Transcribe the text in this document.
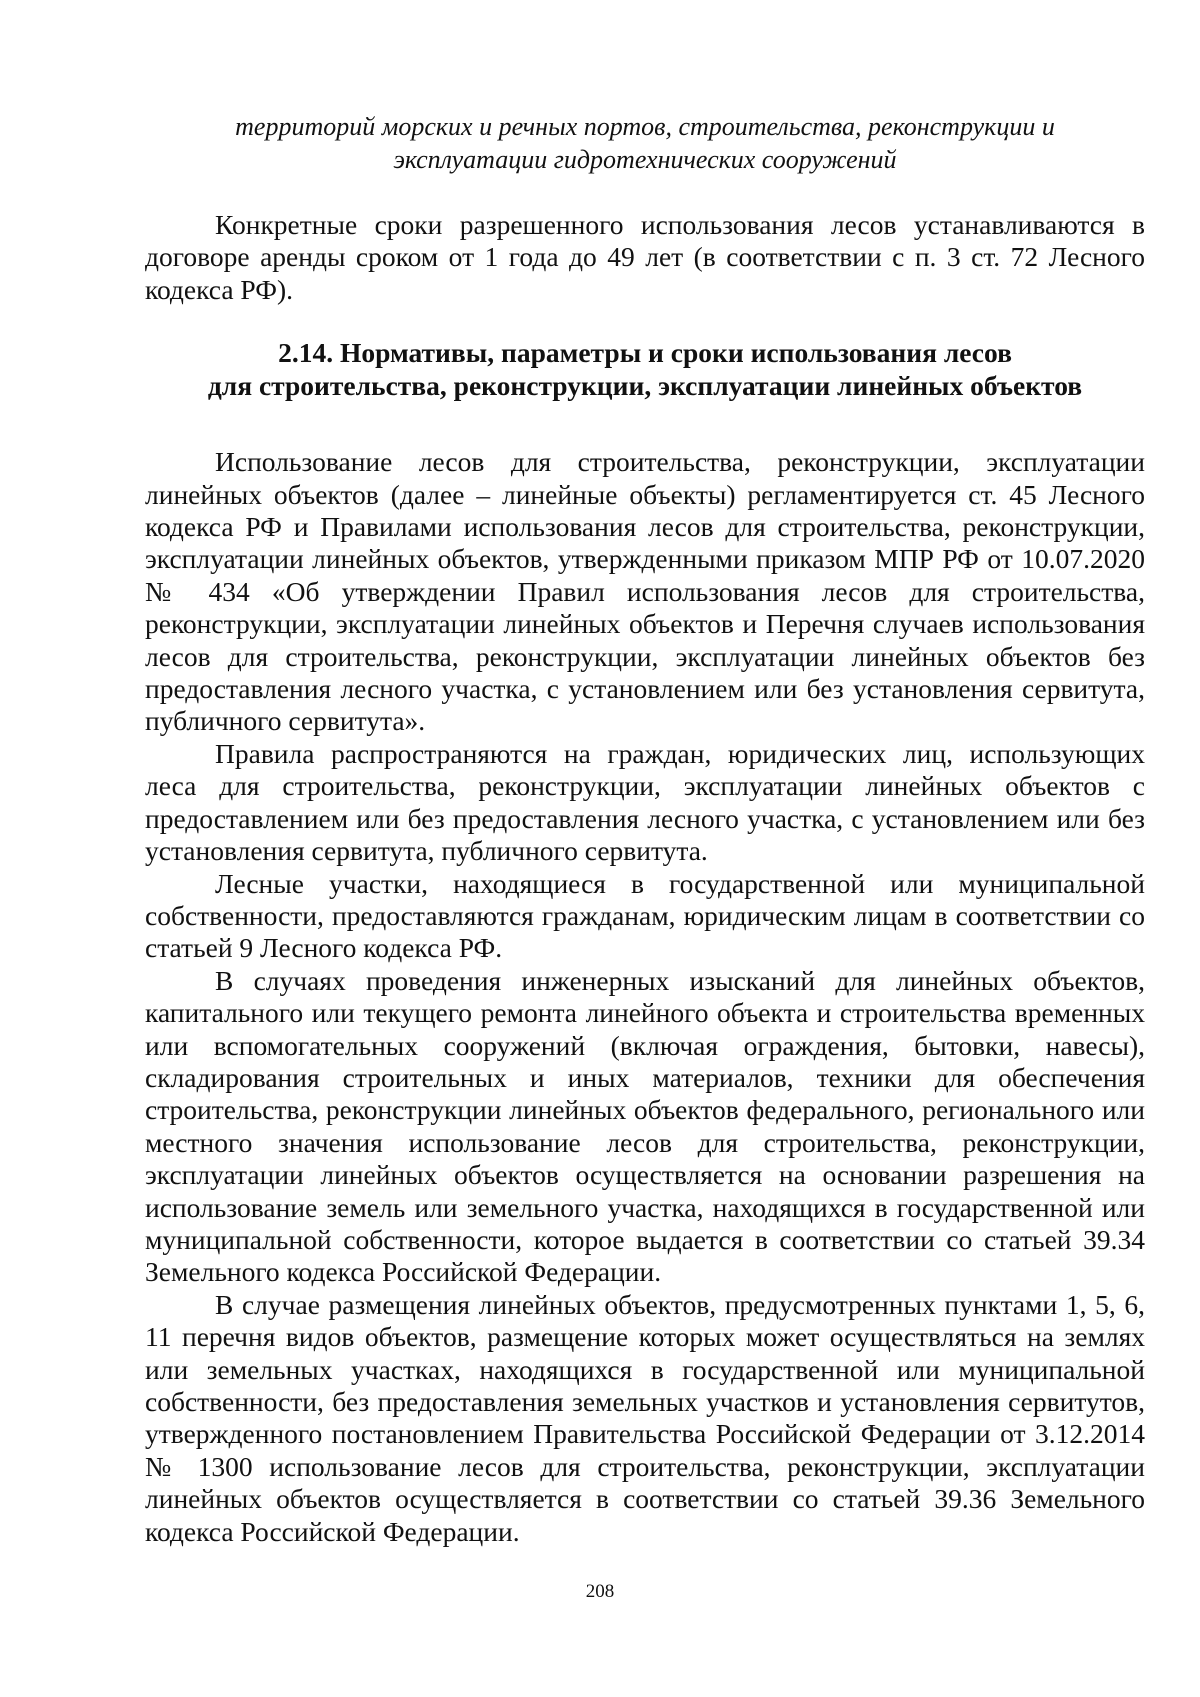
территорий морских и речных портов, строительства, реконструкции и
эксплуатации гидротехнических сооружений

Конкретные сроки разрешенного использования лесов устанавливаются в договоре аренды сроком от 1 года до 49 лет (в соответствии с п. 3 ст. 72 Лесного кодекса РФ).

2.14. Нормативы, параметры и сроки использования лесов
для строительства, реконструкции, эксплуатации линейных объектов

Использование лесов для строительства, реконструкции, эксплуатации линейных объектов (далее – линейные объекты) регламентируется ст. 45 Лесного кодекса РФ и Правилами использования лесов для строительства, реконструкции, эксплуатации линейных объектов, утвержденными приказом МПР РФ от 10.07.2020 № 434 «Об утверждении Правил использования лесов для строительства, реконструкции, эксплуатации линейных объектов и Перечня случаев использования лесов для строительства, реконструкции, эксплуатации линейных объектов без предоставления лесного участка, с установлением или без установления сервитута, публичного сервитута».

Правила распространяются на граждан, юридических лиц, использующих леса для строительства, реконструкции, эксплуатации линейных объектов с предоставлением или без предоставления лесного участка, с установлением или без установления сервитута, публичного сервитута.

Лесные участки, находящиеся в государственной или муниципальной собственности, предоставляются гражданам, юридическим лицам в соответствии со статьей 9 Лесного кодекса РФ.

В случаях проведения инженерных изысканий для линейных объектов, капитального или текущего ремонта линейного объекта и строительства временных или вспомогательных сооружений (включая ограждения, бытовки, навесы), складирования строительных и иных материалов, техники для обеспечения строительства, реконструкции линейных объектов федерального, регионального или местного значения использование лесов для строительства, реконструкции, эксплуатации линейных объектов осуществляется на основании разрешения на использование земель или земельного участка, находящихся в государственной или муниципальной собственности, которое выдается в соответствии со статьей 39.34 Земельного кодекса Российской Федерации.

В случае размещения линейных объектов, предусмотренных пунктами 1, 5, 6, 11 перечня видов объектов, размещение которых может осуществляться на землях или земельных участках, находящихся в государственной или муниципальной собственности, без предоставления земельных участков и установления сервитутов, утвержденного постановлением Правительства Российской Федерации от 3.12.2014 № 1300 использование лесов для строительства, реконструкции, эксплуатации линейных объектов осуществляется в соответствии со статьей 39.36 Земельного кодекса Российской Федерации.

208
